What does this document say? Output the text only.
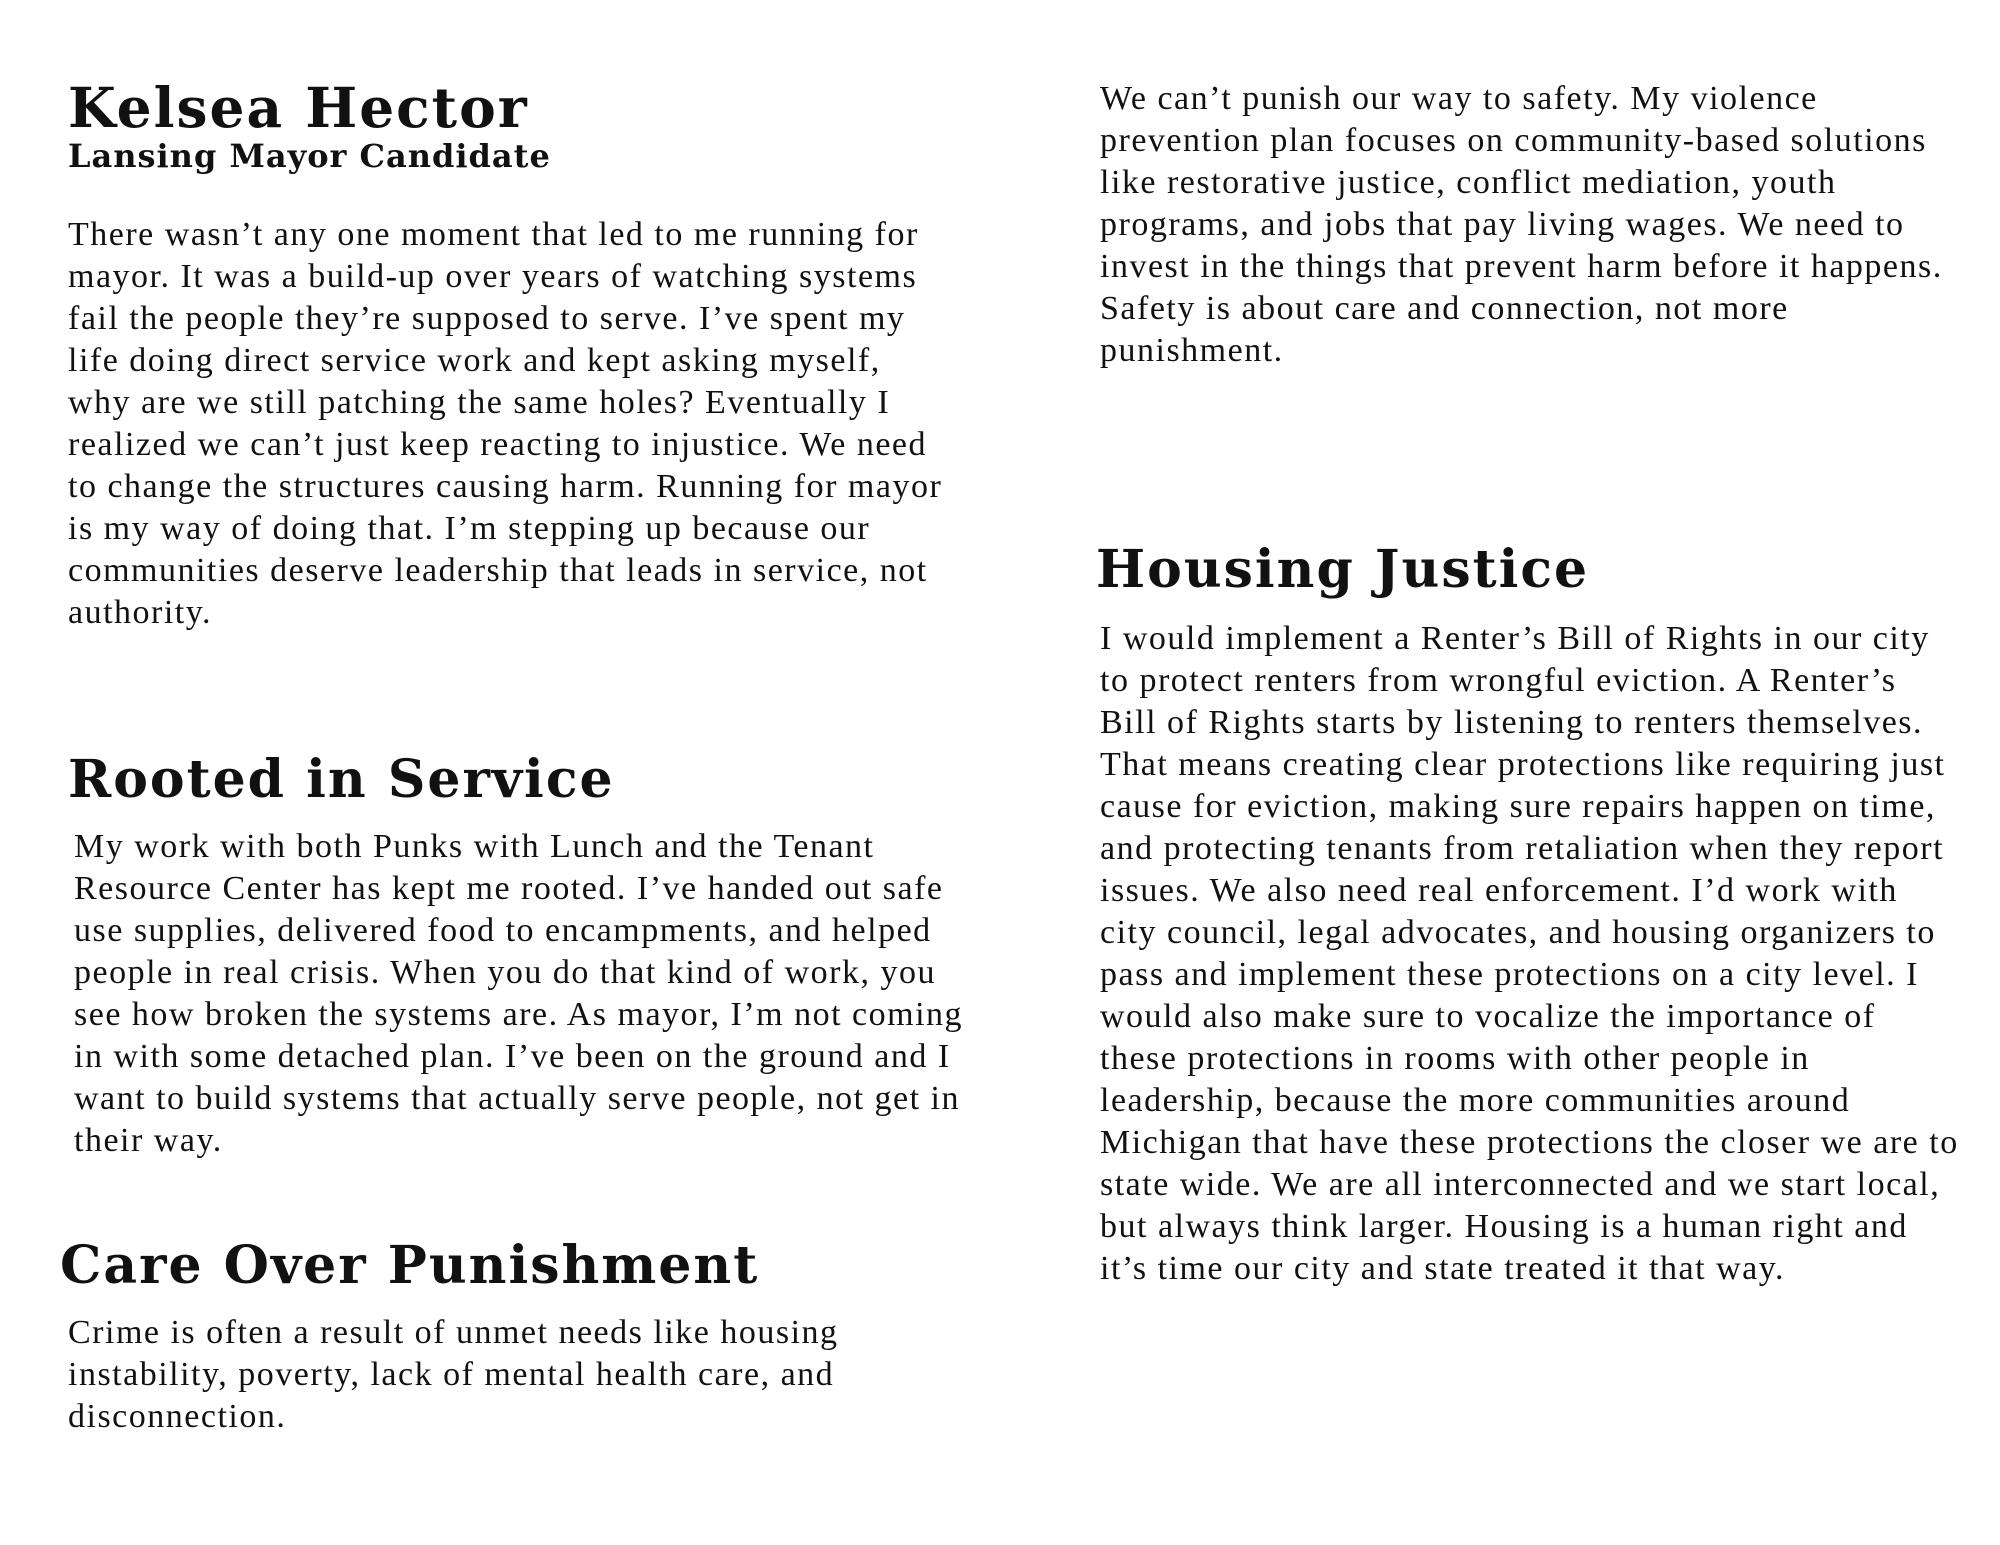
Kelsea Hector
Lansing Mayor Candidate

There wasn’t any one moment that led to me running for mayor. It was a build-up over years of watching systems fail the people they’re supposed to serve. I’ve spent my life doing direct service work and kept asking myself, why are we still patching the same holes? Eventually I realized we can’t just keep reacting to injustice. We need to change the structures causing harm. Running for mayor is my way of doing that. I’m stepping up because our communities deserve leadership that leads in service, not authority.

Rooted in Service

My work with both Punks with Lunch and the Tenant Resource Center has kept me rooted. I’ve handed out safe use supplies, delivered food to encampments, and helped people in real crisis. When you do that kind of work, you see how broken the systems are. As mayor, I’m not coming in with some detached plan. I’ve been on the ground and I want to build systems that actually serve people, not get in their way.

Care Over Punishment

Crime is often a result of unmet needs like housing instability, poverty, lack of mental health care, and disconnection.

We can’t punish our way to safety. My violence prevention plan focuses on community-based solutions like restorative justice, conflict mediation, youth programs, and jobs that pay living wages. We need to invest in the things that prevent harm before it happens. Safety is about care and connection, not more punishment.

Housing Justice

I would implement a Renter’s Bill of Rights in our city to protect renters from wrongful eviction. A Renter’s Bill of Rights starts by listening to renters themselves. That means creating clear protections like requiring just cause for eviction, making sure repairs happen on time, and protecting tenants from retaliation when they report issues. We also need real enforcement. I’d work with city council, legal advocates, and housing organizers to pass and implement these protections on a city level. I would also make sure to vocalize the importance of these protections in rooms with other people in leadership, because the more communities around Michigan that have these protections the closer we are to state wide. We are all interconnected and we start local, but always think larger. Housing is a human right and it’s time our city and state treated it that way.
